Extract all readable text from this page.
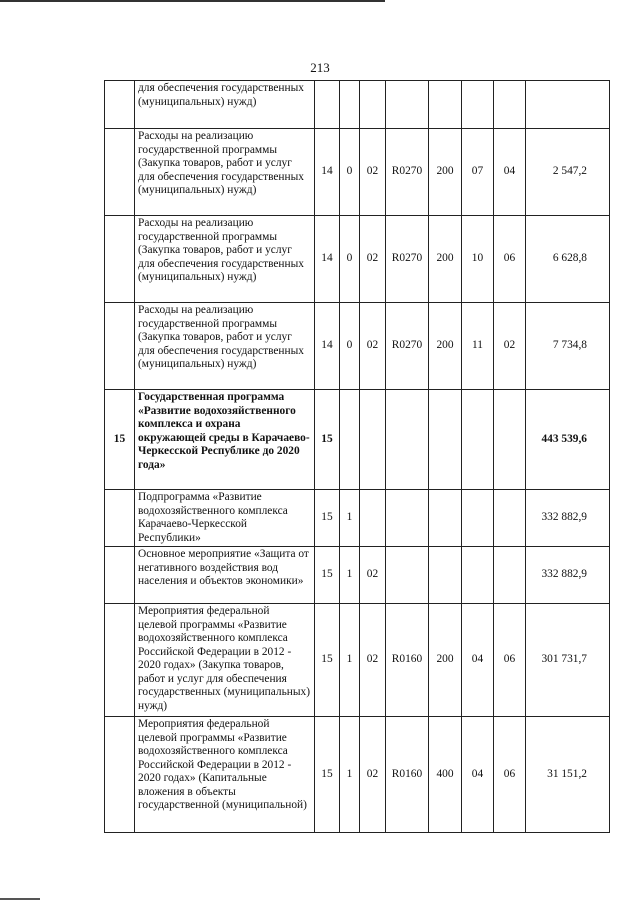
213
	для обеспечения государственных (муниципальных) нужд)								
	Расходы на реализацию государственной программы (Закупка товаров, работ и услуг для обеспечения государственных (муниципальных) нужд)	14	0	02	R0270	200	07	04	2 547,2
	Расходы на реализацию государственной программы (Закупка товаров, работ и услуг для обеспечения государственных (муниципальных) нужд)	14	0	02	R0270	200	10	06	6 628,8
	Расходы на реализацию государственной программы (Закупка товаров, работ и услуг для обеспечения государственных (муниципальных) нужд)	14	0	02	R0270	200	11	02	7 734,8
15	Государственная программа «Развитие водохозяйственного комплекса и охрана окружающей среды в Карачаево-Черкесской Республике до 2020 года»	15							443 539,6
	Подпрограмма «Развитие водохозяйственного комплекса Карачаево-Черкесской Республики»	15	1						332 882,9
	Основное мероприятие «Защита от негативного воздействия вод населения и объектов экономики»	15	1	02					332 882,9
	Мероприятия федеральной целевой программы «Развитие водохозяйственного комплекса Российской Федерации в 2012 - 2020 годах» (Закупка товаров, работ и услуг для обеспечения государственных (муниципальных) нужд)	15	1	02	R0160	200	04	06	301 731,7
	Мероприятия федеральной целевой программы «Развитие водохозяйственного комплекса Российской Федерации в 2012 - 2020 годах» (Капитальные вложения в объекты государственной (муниципальной)	15	1	02	R0160	400	04	06	31 151,2
